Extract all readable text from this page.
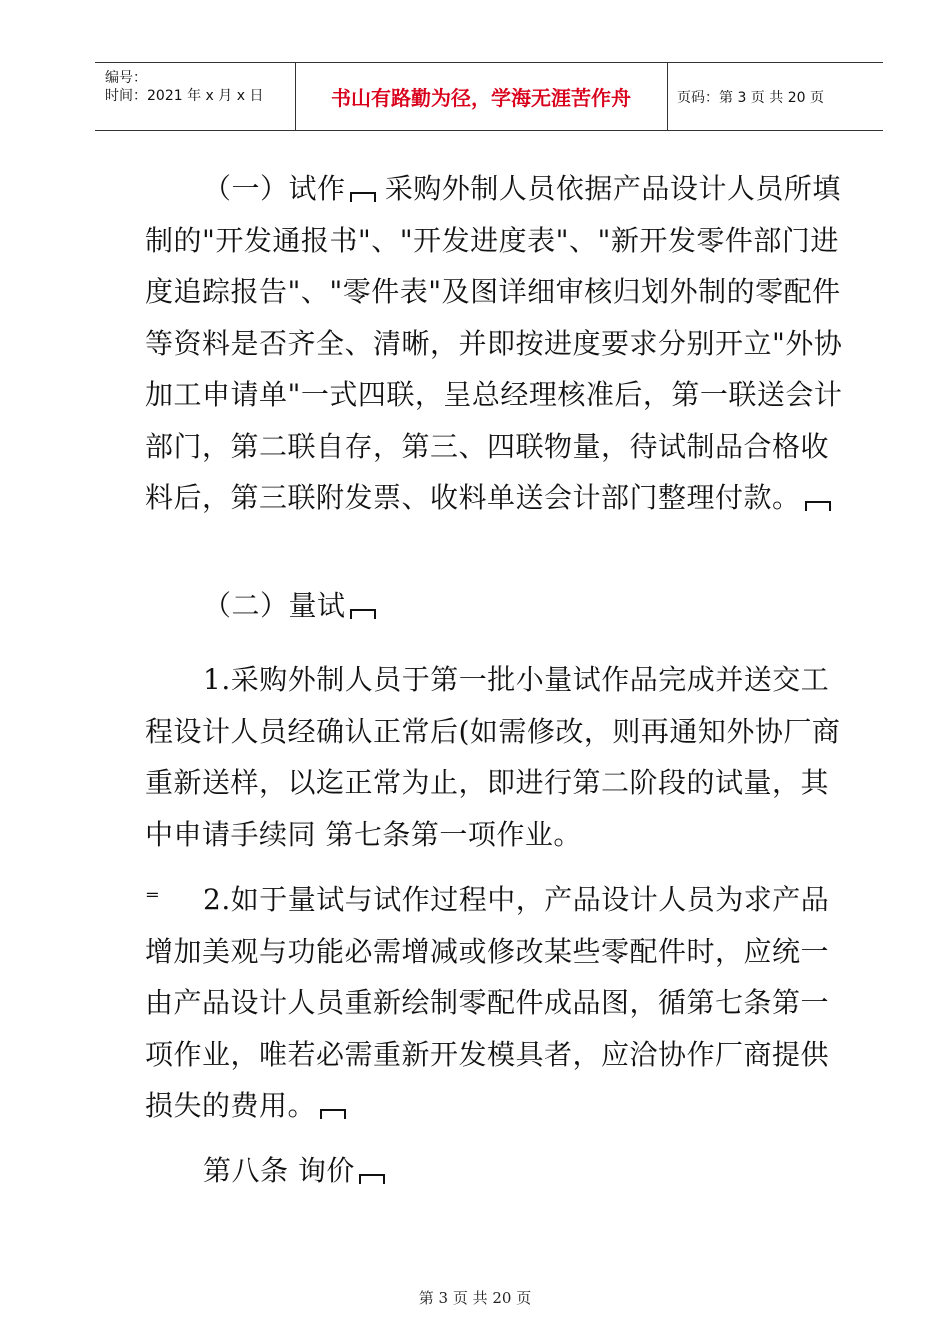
编号：
时间：2021 年 x 月 x 日	书山有路勤为径，学海无涯苦作舟	页码：第 3 页 共 20 页
（一）试作 采购外制人员依据产品设计人员所填制的"开发通报书"、"开发进度表"、"新开发零件部门进度追踪报告"、"零件表"及图详细审核归划外制的零配件等资料是否齐全、清晰，并即按进度要求分别开立"外协加工申请单"一式四联，呈总经理核准后，第一联送会计部门，第二联自存，第三、四联物量，待试制品合格收料后，第三联附发票、收料单送会计部门整理付款。
（二）量试
1.采购外制人员于第一批小量试作品完成并送交工程设计人员经确认正常后(如需修改，则再通知外协厂商重新送样，以迄正常为止，即进行第二阶段的试量，其中申请手续同 第七条第一项作业。
⁼ 2.如于量试与试作过程中，产品设计人员为求产品增加美观与功能必需增减或修改某些零配件时，应统一由产品设计人员重新绘制零配件成品图，循第七条第一项作业，唯若必需重新开发模具者，应洽协作厂商提供损失的费用。
第八条 询价
第 3 页 共 20 页
